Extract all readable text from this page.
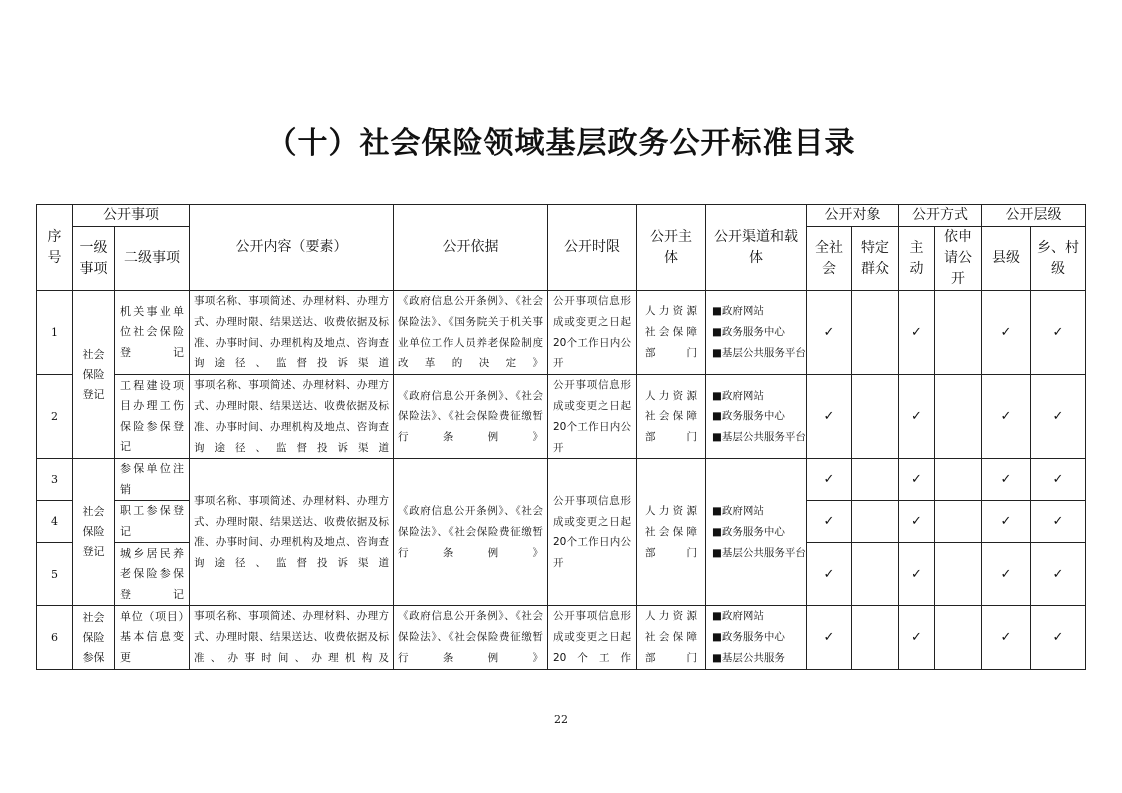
（十）社会保险领域基层政务公开标准目录
序号	公开事项		公开内容（要素）	公开依据	公开时限	公开主体	公开渠道和载体	公开对象		公开方式		公开层级	

	一级事项	二级事项						全社会	特定群众	主动	依申请公开	县级	乡、村级

1	社会保险登记	机关事业单位社会保险登记	事项名称、事项简述、办理材料、办理方式、办理时限、结果送达、收费依据及标准、办事时间、办理机构及地点、咨询查询途径、监督投诉渠道	《政府信息公开条例》、《社会保险法》、《国务院关于机关事业单位工作人员养老保险制度改革的决定》	公开事项信息形成或变更之日起20个工作日内公开	人力资源社会保障部门	■政府网站
■政务服务中心
■基层公共服务平台	✓		✓		✓	✓
2		工程建设项目办理工伤保险参保登记	事项名称、事项简述、办理材料、办理方式、办理时限、结果送达、收费依据及标准、办事时间、办理机构及地点、咨询查询途径、监督投诉渠道	《政府信息公开条例》、《社会保险法》、《社会保险费征缴暂行条例》	公开事项信息形成或变更之日起20个工作日内公开	人力资源社会保障部门	■政府网站
■政务服务中心
■基层公共服务平台	✓		✓		✓	✓
3	社会保险登记	参保单位注销	事项名称、事项简述、办理材料、办理方式、办理时限、结果送达、收费依据及标准、办事时间、办理机构及地点、咨询查询途径、监督投诉渠道	《政府信息公开条例》、《社会保险法》、《社会保险费征缴暂行条例》	公开事项信息形成或变更之日起20个工作日内公开	人力资源社会保障部门	■政府网站
■政务服务中心
■基层公共服务平台	✓		✓		✓	✓
4		职工参保登记						✓		✓		✓	✓
5		城乡居民养老保险参保登记						✓		✓		✓	✓
6	社会保险参保	单位（项目）基本信息变更	事项名称、事项简述、办理材料、办理方式、办理时限、结果送达、收费依据及标准、办事时间、办理机构及	《政府信息公开条例》、《社会保险法》、《社会保险费征缴暂行条例》	公开事项信息形成或变更之日起20个工作	人力资源社会保障部门	■政府网站
■政务服务中心
■基层公共服务	✓		✓		✓	✓
22
